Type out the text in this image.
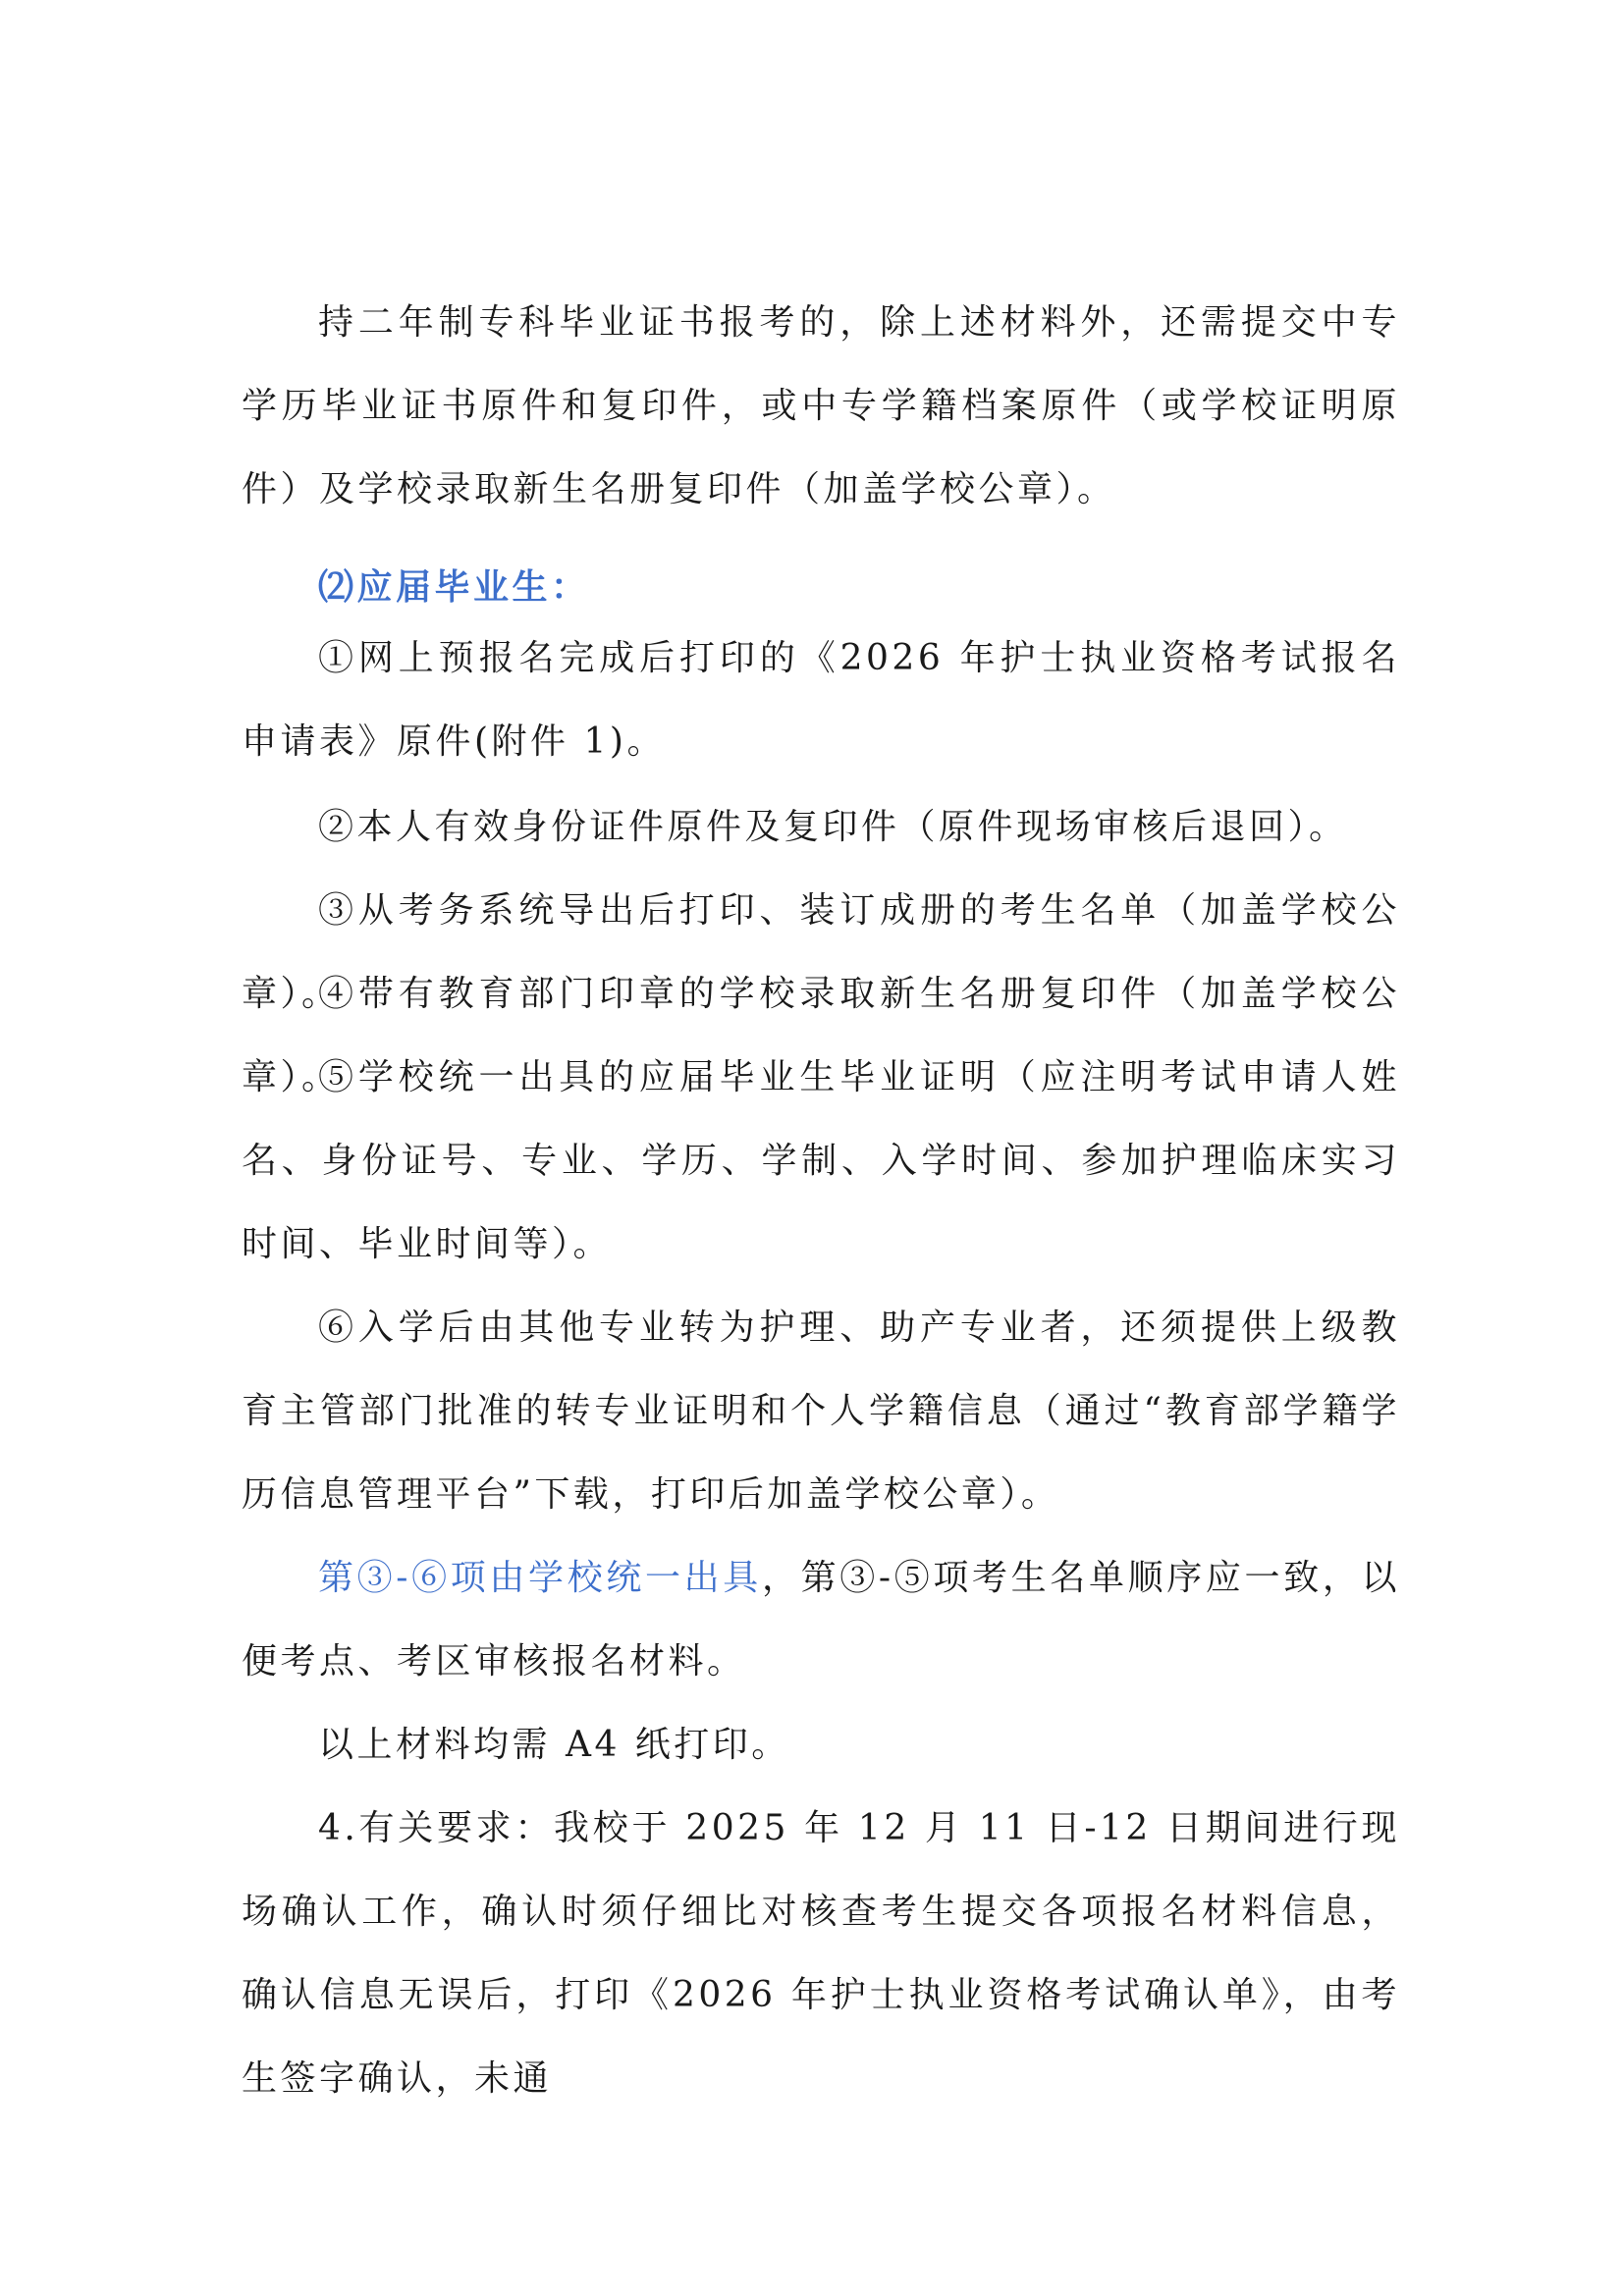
持二年制专科毕业证书报考的，除上述材料外，还需提交中专学历毕业证书原件和复印件，或中专学籍档案原件（或学校证明原件）及学校录取新生名册复印件（加盖学校公章）。

⑵应届毕业生：

①网上预报名完成后打印的《2026 年护士执业资格考试报名申请表》原件(附件 1)。

②本人有效身份证件原件及复印件（原件现场审核后退回）。

③从考务系统导出后打印、装订成册的考生名单（加盖学校公章）。

④带有教育部门印章的学校录取新生名册复印件（加盖学校公章）。

⑤学校统一出具的应届毕业生毕业证明（应注明考试申请人姓名、身份证号、专业、学历、学制、入学时间、参加护理临床实习时间、毕业时间等）。

⑥入学后由其他专业转为护理、助产专业者，还须提供上级教育主管部门批准的转专业证明和个人学籍信息（通过“教育部学籍学历信息管理平台”下载，打印后加盖学校公章）。

第③-⑥项由学校统一出具，第③-⑤项考生名单顺序应一致，以便考点、考区审核报名材料。

以上材料均需 A4 纸打印。

4.有关要求：我校于 2025 年 12 月 11 日-12 日期间进行现场确认工作，确认时须仔细比对核查考生提交各项报名材料信息，确认信息无误后，打印《2026 年护士执业资格考试确认单》，由考生签字确认，未通
